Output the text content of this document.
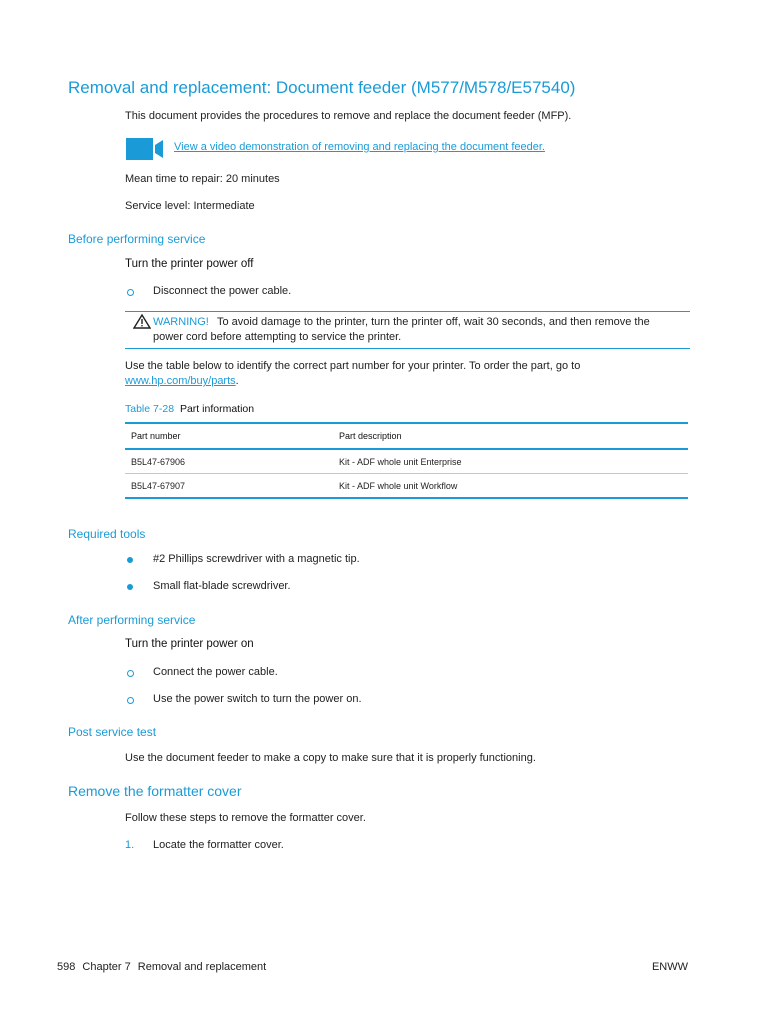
Removal and replacement: Document feeder (M577/M578/E57540)
This document provides the procedures to remove and replace the document feeder (MFP).
View a video demonstration of removing and replacing the document feeder.
Mean time to repair: 20 minutes
Service level: Intermediate
Before performing service
Turn the printer power off
Disconnect the power cable.
WARNING! To avoid damage to the printer, turn the printer off, wait 30 seconds, and then remove the
power cord before attempting to service the printer.
Use the table below to identify the correct part number for your printer. To order the part, go to
www.hp.com/buy/parts.
Table 7-28 Part information
Part number	Part description
B5L47-67906	Kit - ADF whole unit Enterprise
B5L47-67907	Kit - ADF whole unit Workflow
Required tools
#2 Phillips screwdriver with a magnetic tip.
Small flat-blade screwdriver.
After performing service
Turn the printer power on
Connect the power cable.
Use the power switch to turn the power on.
Post service test
Use the document feeder to make a copy to make sure that it is properly functioning.
Remove the formatter cover
Follow these steps to remove the formatter cover.
1. Locate the formatter cover.
598 Chapter 7 Removal and replacement	ENWW
